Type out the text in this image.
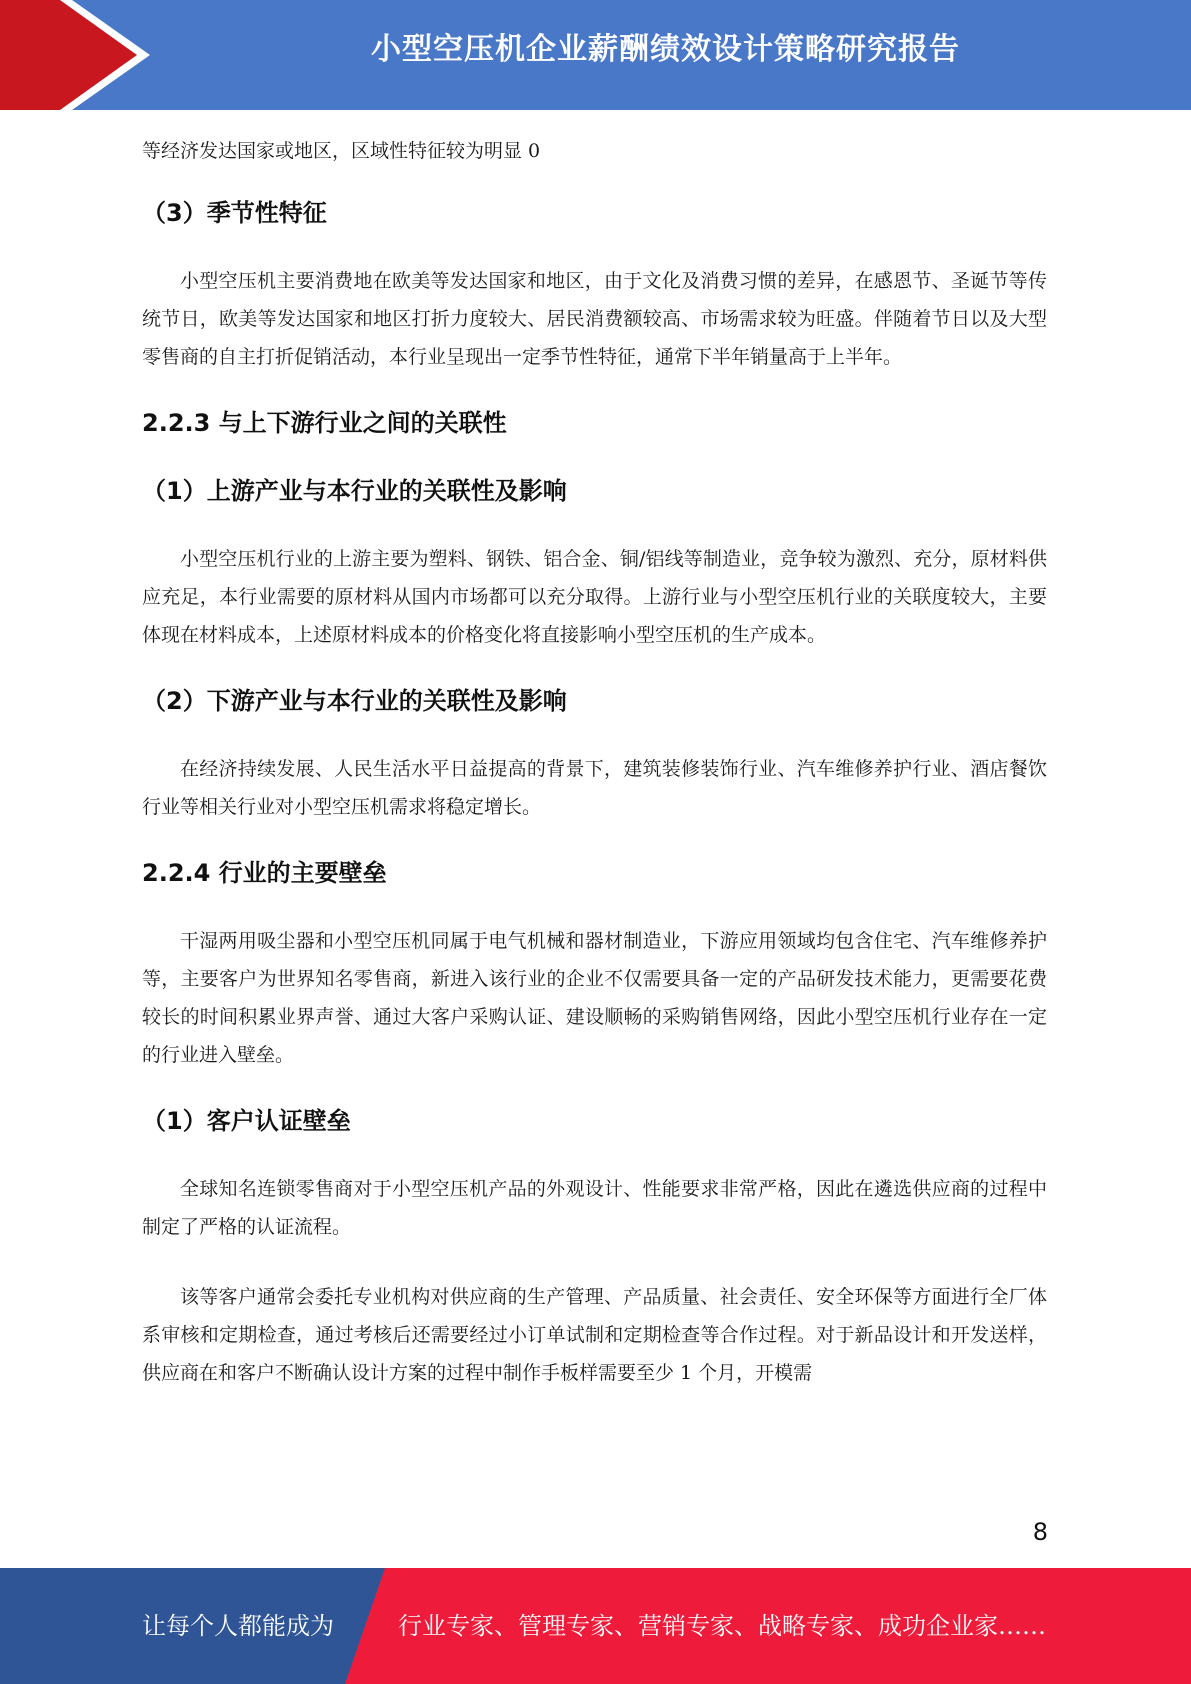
小型空压机企业薪酬绩效设计策略研究报告

等经济发达国家或地区，区域性特征较为明显 0

（3）季节性特征

小型空压机主要消费地在欧美等发达国家和地区，由于文化及消费习惯的差异，在感恩节、圣诞节等传统节日，欧美等发达国家和地区打折力度较大、居民消费额较高、市场需求较为旺盛。伴随着节日以及大型零售商的自主打折促销活动，本行业呈现出一定季节性特征，通常下半年销量高于上半年。

2.2.3 与上下游行业之间的关联性
（1）上游产业与本行业的关联性及影响

小型空压机行业的上游主要为塑料、钢铁、铝合金、铜/铝线等制造业，竞争较为激烈、充分，原材料供应充足，本行业需要的原材料从国内市场都可以充分取得。上游行业与小型空压机行业的关联度较大，主要体现在材料成本，上述原材料成本的价格变化将直接影响小型空压机的生产成本。

（2）下游产业与本行业的关联性及影响

在经济持续发展、人民生活水平日益提高的背景下，建筑装修装饰行业、汽车维修养护行业、酒店餐饮行业等相关行业对小型空压机需求将稳定增长。

2.2.4 行业的主要壁垒

干湿两用吸尘器和小型空压机同属于电气机械和器材制造业，下游应用领域均包含住宅、汽车维修养护等，主要客户为世界知名零售商，新进入该行业的企业不仅需要具备一定的产品研发技术能力，更需要花费较长的时间积累业界声誉、通过大客户采购认证、建设顺畅的采购销售网络，因此小型空压机行业存在一定的行业进入壁垒。

（1）客户认证壁垒

全球知名连锁零售商对于小型空压机产品的外观设计、性能要求非常严格，因此在遴选供应商的过程中制定了严格的认证流程。

该等客户通常会委托专业机构对供应商的生产管理、产品质量、社会责任、安全环保等方面进行全厂体系审核和定期检查，通过考核后还需要经过小订单试制和定期检查等合作过程。对于新品设计和开发送样，供应商在和客户不断确认设计方案的过程中制作手板样需要至少 1 个月，开模需

8
让每个人都能成为	行业专家、管理专家、营销专家、战略专家、成功企业家……
